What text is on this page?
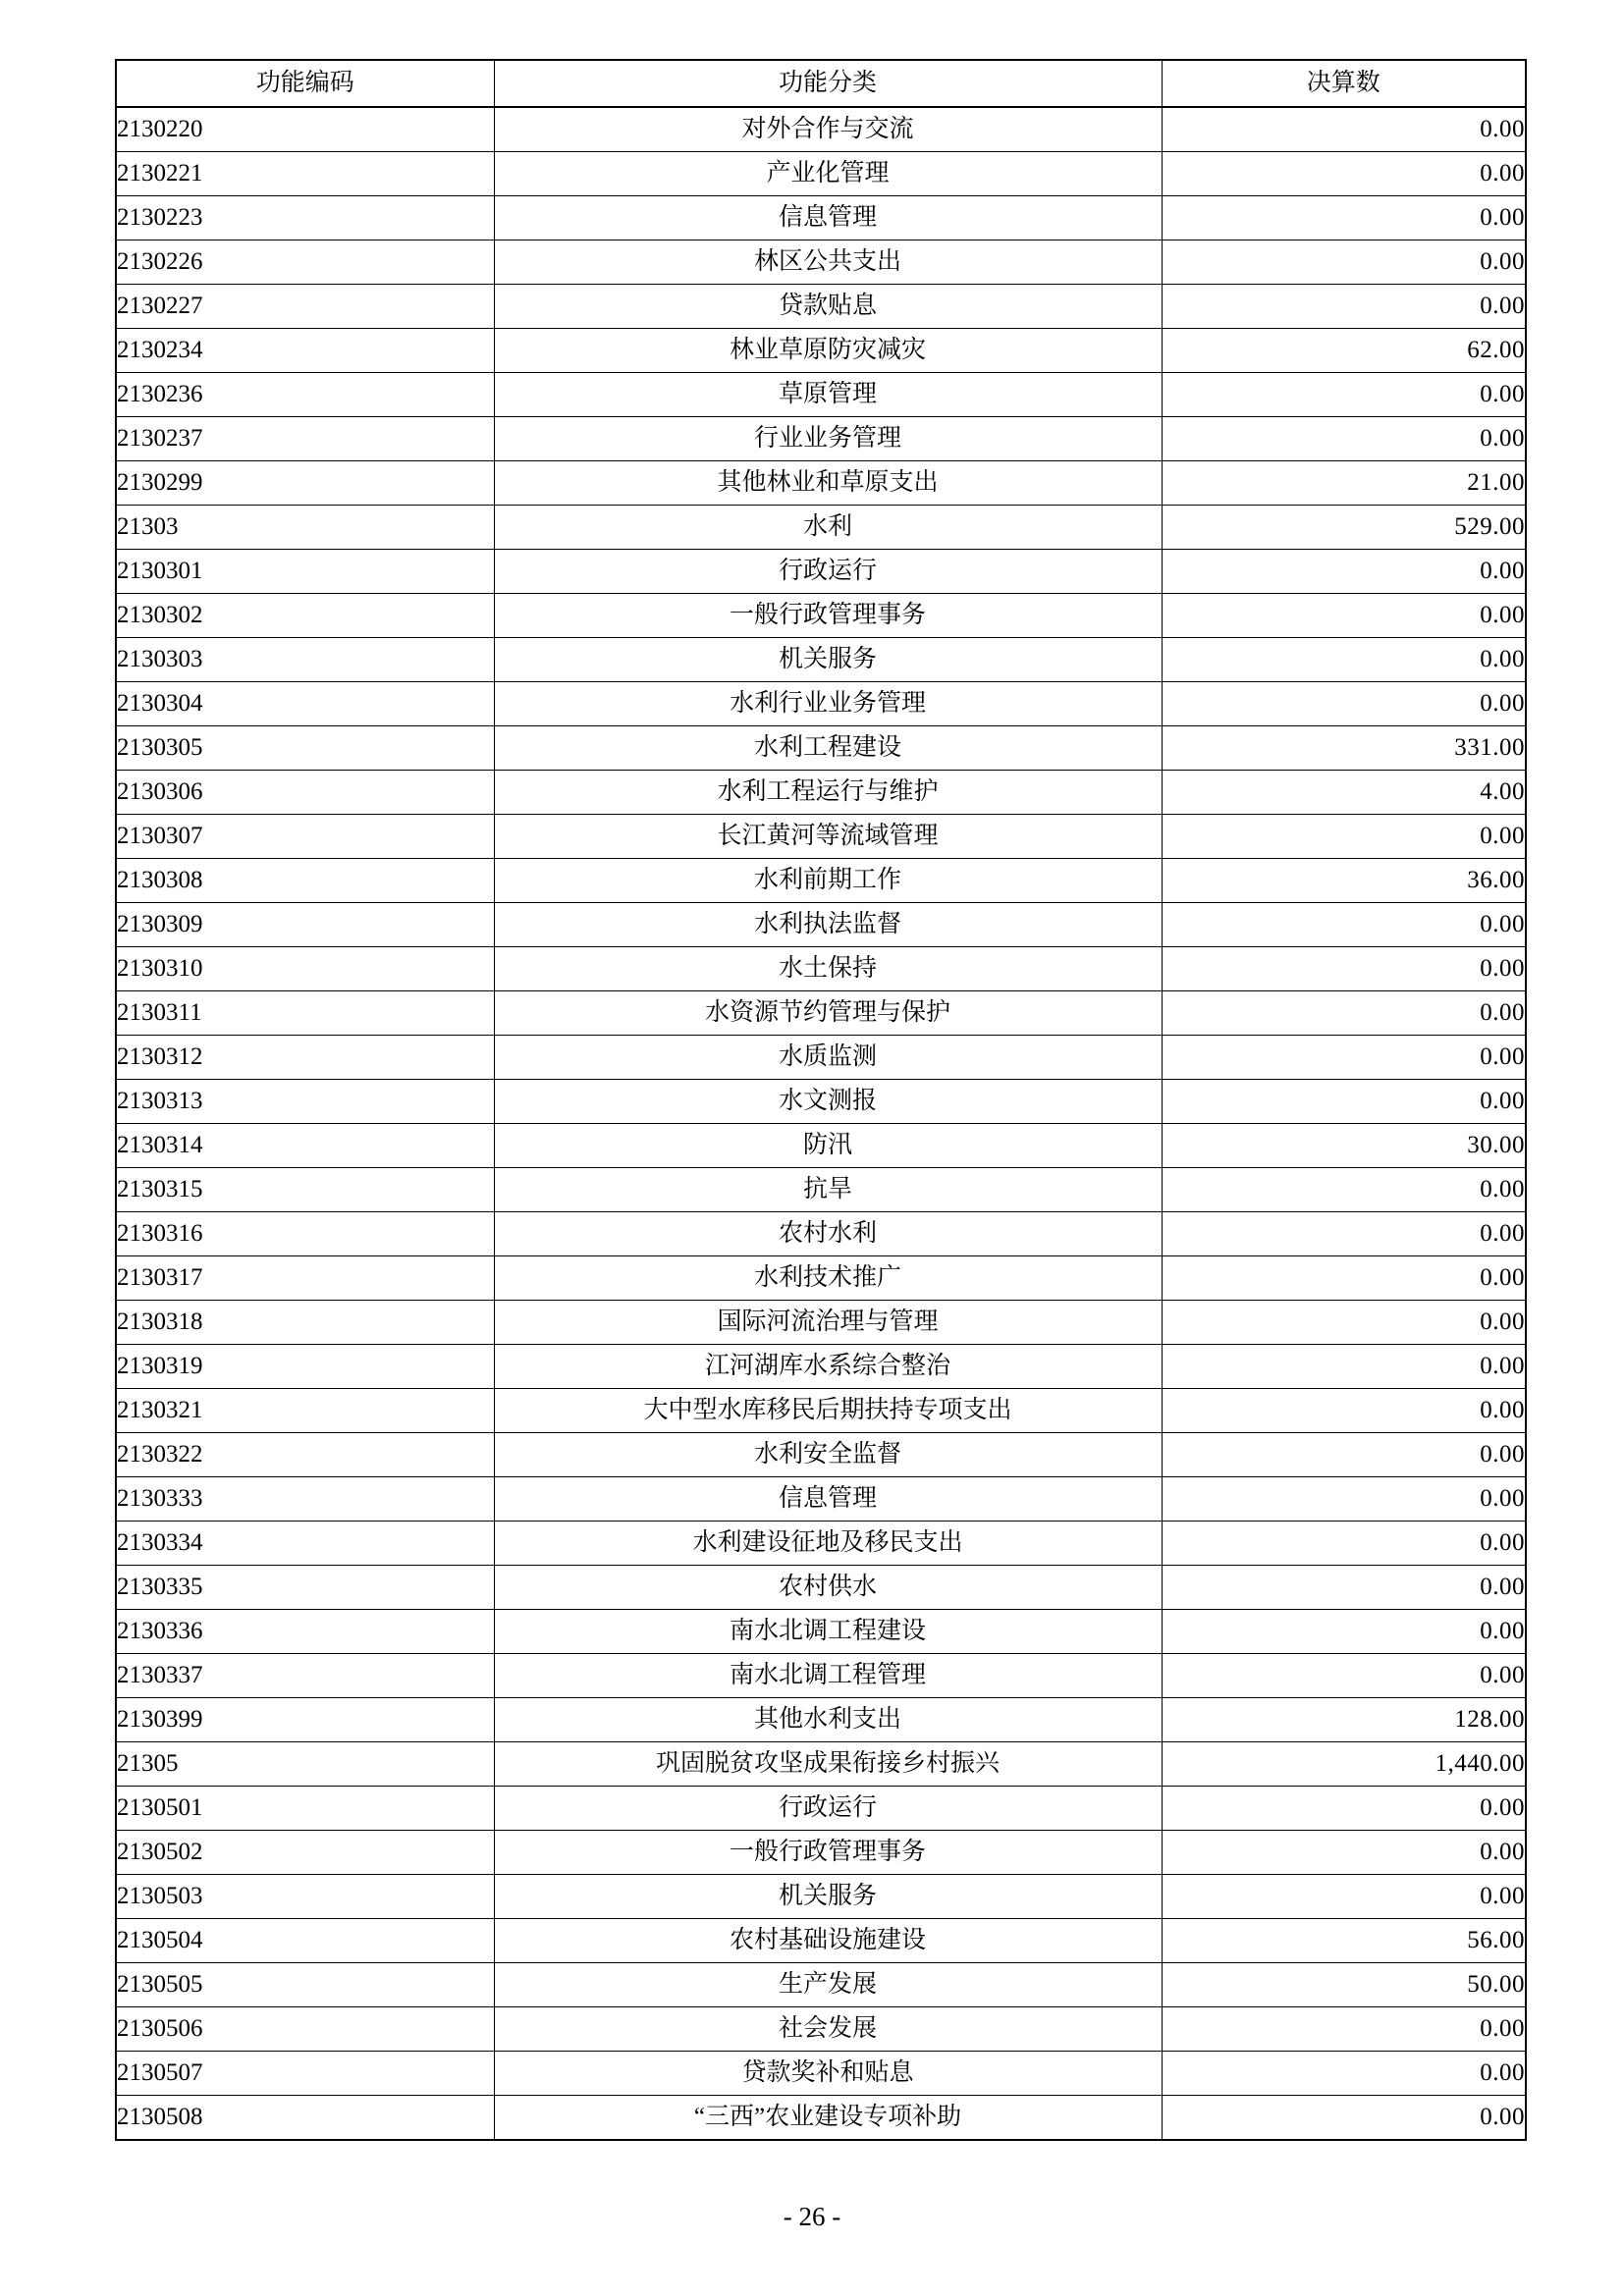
功能编码	功能分类	决算数
2130220	对外合作与交流	0.00
2130221	产业化管理	0.00
2130223	信息管理	0.00
2130226	林区公共支出	0.00
2130227	贷款贴息	0.00
2130234	林业草原防灾减灾	62.00
2130236	草原管理	0.00
2130237	行业业务管理	0.00
2130299	其他林业和草原支出	21.00
21303	水利	529.00
2130301	行政运行	0.00
2130302	一般行政管理事务	0.00
2130303	机关服务	0.00
2130304	水利行业业务管理	0.00
2130305	水利工程建设	331.00
2130306	水利工程运行与维护	4.00
2130307	长江黄河等流域管理	0.00
2130308	水利前期工作	36.00
2130309	水利执法监督	0.00
2130310	水土保持	0.00
2130311	水资源节约管理与保护	0.00
2130312	水质监测	0.00
2130313	水文测报	0.00
2130314	防汛	30.00
2130315	抗旱	0.00
2130316	农村水利	0.00
2130317	水利技术推广	0.00
2130318	国际河流治理与管理	0.00
2130319	江河湖库水系综合整治	0.00
2130321	大中型水库移民后期扶持专项支出	0.00
2130322	水利安全监督	0.00
2130333	信息管理	0.00
2130334	水利建设征地及移民支出	0.00
2130335	农村供水	0.00
2130336	南水北调工程建设	0.00
2130337	南水北调工程管理	0.00
2130399	其他水利支出	128.00
21305	巩固脱贫攻坚成果衔接乡村振兴	1,440.00
2130501	行政运行	0.00
2130502	一般行政管理事务	0.00
2130503	机关服务	0.00
2130504	农村基础设施建设	56.00
2130505	生产发展	50.00
2130506	社会发展	0.00
2130507	贷款奖补和贴息	0.00
2130508	“三西”农业建设专项补助	0.00
- 26 -
